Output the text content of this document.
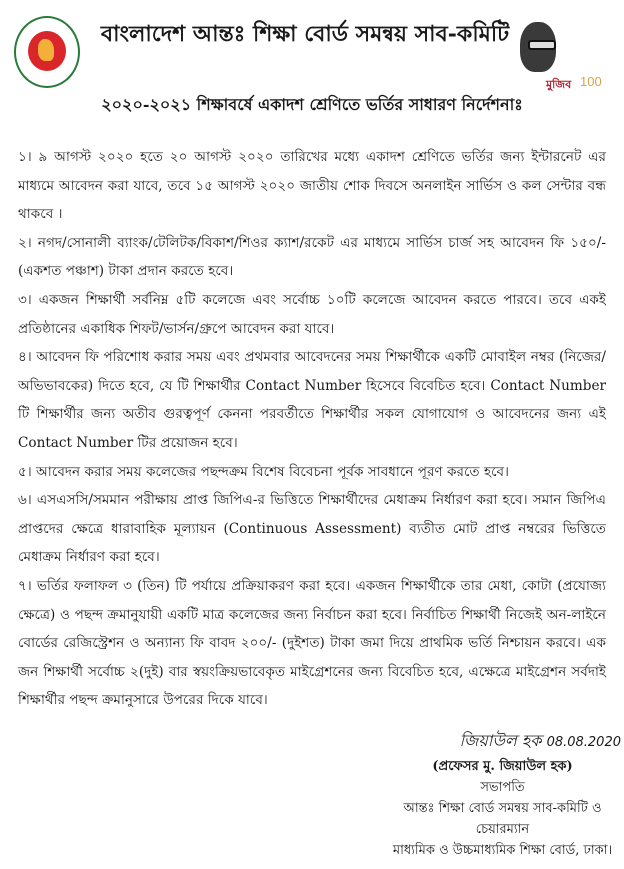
বাংলাদেশ আন্তঃ শিক্ষা বোর্ড সমন্বয় সাব-কমিটি
মুজিব 100
২০২০-২০২১ শিক্ষাবর্ষে একাদশ শ্রেণিতে ভর্তির সাধারণ নির্দেশনাঃ

১। ৯ আগস্ট ২০২০ হতে ২০ আগস্ট ২০২০ তারিখের মধ্যে একাদশ শ্রেণিতে ভর্তির জন্য ইন্টারনেট এর মাধ্যমে আবেদন করা যাবে, তবে ১৫ আগস্ট ২০২০ জাতীয় শোক দিবসে অনলাইন সার্ভিস ও কল সেন্টার বন্ধ থাকবে ।

২। নগদ/সোনালী ব্যাংক/টেলিটক/বিকাশ/শিওর ক্যাশ/রকেট এর মাধ্যমে সার্ভিস চার্জ সহ আবেদন ফি ১৫০/- (একশত পঞ্চাশ) টাকা প্রদান করতে হবে।

৩। একজন শিক্ষার্থী সর্বনিম্ন ৫টি কলেজে এবং সর্বোচ্চ ১০টি কলেজে আবেদন করতে পারবে। তবে একই প্রতিষ্ঠানের একাধিক শিফট/ভার্সন/গ্রুপে আবেদন করা যাবে।

৪। আবেদন ফি পরিশোধ করার সময় এবং প্রথমবার আবেদনের সময় শিক্ষার্থীকে একটি মোবাইল নম্বর (নিজের/অভিভাবকের) দিতে হবে, যে টি শিক্ষার্থীর Contact Number হিসেবে বিবেচিত হবে। Contact Number টি শিক্ষার্থীর জন্য অতীব গুরত্বপূর্ণ কেননা পরবর্তীতে শিক্ষার্থীর সকল যোগাযোগ ও আবেদনের জন্য এই Contact Number টির প্রয়োজন হবে।

৫। আবেদন করার সময় কলেজের পছন্দক্রম বিশেষ বিবেচনা পূর্বক সাবধানে পূরণ করতে হবে।

৬। এসএসসি/সমমান পরীক্ষায় প্রাপ্ত জিপিএ-র ভিত্তিতে শিক্ষার্থীদের মেধাক্রম নির্ধারণ করা হবে। সমান জিপিএ প্রাপ্তদের ক্ষেত্রে ধারাবাহিক মূল্যায়ন (Continuous Assessment) ব্যতীত মোট প্রাপ্ত নম্বরের ভিত্তিতে মেধাক্রম নির্ধারণ করা হবে।

৭। ভর্তির ফলাফল ৩ (তিন) টি পর্যায়ে প্রক্রিয়াকরণ করা হবে। একজন শিক্ষার্থীকে তার মেধা, কোটা (প্রযোজ্য ক্ষেত্রে) ও পছন্দ ক্রমানুযায়ী একটি মাত্র কলেজের জন্য নির্বাচন করা হবে। নির্বাচিত শিক্ষার্থী নিজেই অন-লাইনে বোর্ডের রেজিস্ট্রেশন ও অন্যান্য ফি বাবদ ২০০/- (দুইশত) টাকা জমা দিয়ে প্রাথমিক ভর্তি নিশ্চায়ন করবে। এক জন শিক্ষার্থী সর্বোচ্চ ২(দুই) বার স্বয়ংক্রিয়ভাবেকৃত মাইগ্রেশনের জন্য বিবেচিত হবে, এক্ষেত্রে মাইগ্রেশন সর্বদাই শিক্ষার্থীর পছন্দ ক্রমানুসারে উপরের দিকে যাবে।

জিয়াউল হক 08.08.2020
(প্রফেসর মু. জিয়াউল হক)
সভাপতি
আন্তঃ শিক্ষা বোর্ড সমন্বয় সাব-কমিটি ও
চেয়ারম্যান
মাধ্যমিক ও উচ্চমাধ্যমিক শিক্ষা বোর্ড, ঢাকা।
